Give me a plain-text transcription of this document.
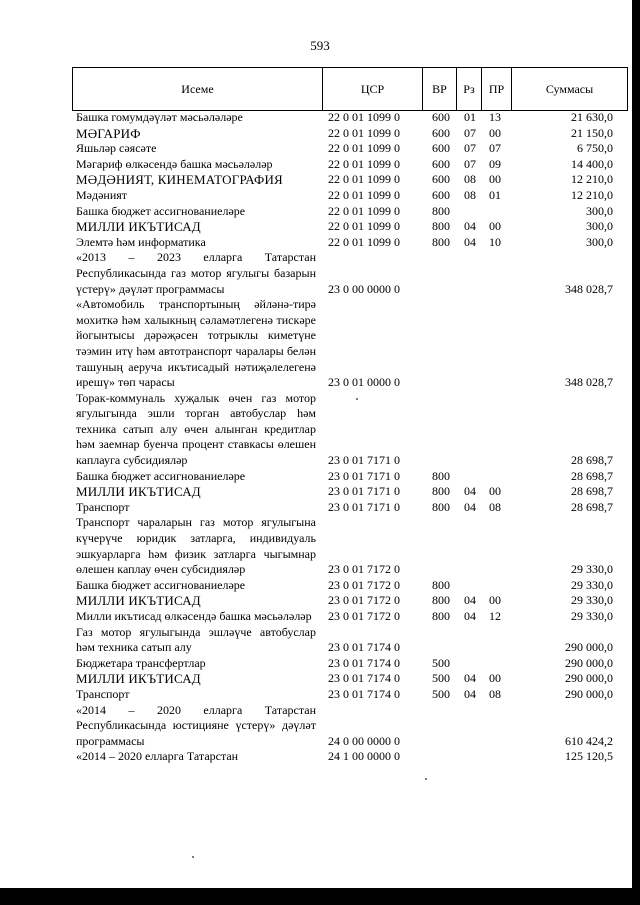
593
Исеме	ЦСР	ВР	Рз	ПР	Суммасы
Башка гомумдәүләт мәсьәләләре	22 0 01 1099 0	600	01	13	21 630,0
МӘГАРИФ	22 0 01 1099 0	600	07	00	21 150,0
Яшьләр сәясәте	22 0 01 1099 0	600	07	07	6 750,0
Мәгариф өлкәсендә башка мәсьәләләр	22 0 01 1099 0	600	07	09	14 400,0
МӘДӘНИЯТ, КИНЕМАТОГРАФИЯ	22 0 01 1099 0	600	08	00	12 210,0
Мәдәният	22 0 01 1099 0	600	08	01	12 210,0
Башка бюджет ассигнованиеләре	22 0 01 1099 0	800			300,0
МИЛЛИ ИКЪТИСАД	22 0 01 1099 0	800	04	00	300,0
Элемтә һәм информатика	22 0 01 1099 0	800	04	10	300,0
«2013 – 2023 елларга Татарстан Республикасында газ мотор ягулыгы базарын үстерү» дәүләт программасы	23 0 00 0000 0				348 028,7
«Автомобиль транспортының әйләнә-тирә мохиткә һәм халыкның сәламәтлегенә тискәре йогынтысы дәрәҗәсен тотрыклы киметүне тәэмин итү һәм автотранспорт чаралары белән ташуның аеруча икътисадый нәтиҗәлелегенә ирешү» төп чарасы	23 0 01 0000 0				348 028,7
Торак-коммуналь хуҗалык өчен газ мотор ягулыгында эшли торган автобуслар һәм техника сатып алу өчен алынган кредитлар һәм заемнар буенча процент ставкасы өлешен каплауга субсидияләр	23 0 01 7171 0				28 698,7
Башка бюджет ассигнованиеләре	23 0 01 7171 0	800			28 698,7
МИЛЛИ ИКЪТИСАД	23 0 01 7171 0	800	04	00	28 698,7
Транспорт	23 0 01 7171 0	800	04	08	28 698,7
Транспорт чараларын газ мотор ягулыгына күчерүче юридик затларга, индивидуаль эшкуарларга һәм физик затларга чыгымнар өлешен каплау өчен субсидияләр	23 0 01 7172 0				29 330,0
Башка бюджет ассигнованиеләре	23 0 01 7172 0	800			29 330,0
МИЛЛИ ИКЪТИСАД	23 0 01 7172 0	800	04	00	29 330,0
Милли икътисад өлкәсендә башка мәсьәләләр	23 0 01 7172 0	800	04	12	29 330,0
Газ мотор ягулыгында эшләүче автобуслар һәм техника сатып алу	23 0 01 7174 0				290 000,0
Бюджетара трансфертлар	23 0 01 7174 0	500			290 000,0
МИЛЛИ ИКЪТИСАД	23 0 01 7174 0	500	04	00	290 000,0
Транспорт	23 0 01 7174 0	500	04	08	290 000,0
«2014 – 2020 елларга Татарстан Республикасында юстицияне үстерү» дәүләт программасы	24 0 00 0000 0				610 424,2
«2014 – 2020 елларга Татарстан	24 1 00 0000 0				125 120,5
